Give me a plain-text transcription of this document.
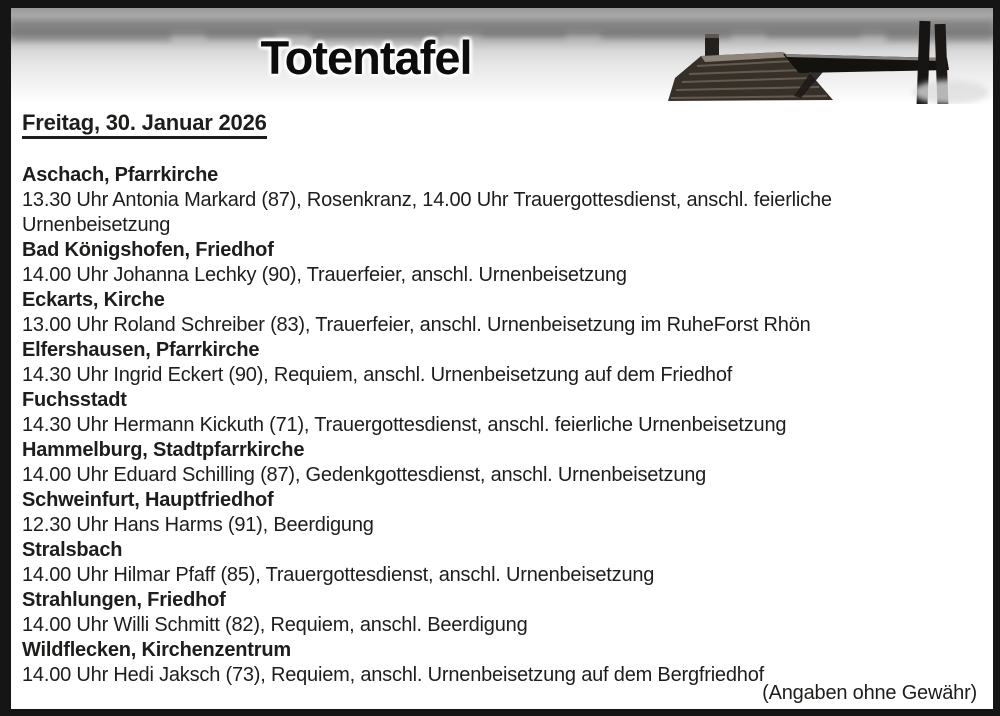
Totentafel
Freitag, 30. Januar 2026
Aschach, Pfarrkirche
13.30 Uhr Antonia Markard (87), Rosenkranz, 14.00 Uhr Trauergottesdienst, anschl. feierliche Urnenbeisetzung
Bad Königshofen, Friedhof
14.00 Uhr Johanna Lechky (90), Trauerfeier, anschl. Urnenbeisetzung
Eckarts, Kirche
13.00 Uhr Roland Schreiber (83), Trauerfeier, anschl. Urnenbeisetzung im RuheForst Rhön
Elfershausen, Pfarrkirche
14.30 Uhr Ingrid Eckert (90), Requiem, anschl. Urnenbeisetzung auf dem Friedhof
Fuchsstadt
14.30 Uhr Hermann Kickuth (71), Trauergottesdienst, anschl. feierliche Urnenbeisetzung
Hammelburg, Stadtpfarrkirche
14.00 Uhr Eduard Schilling (87), Gedenkgottesdienst, anschl. Urnenbeisetzung
Schweinfurt, Hauptfriedhof
12.30 Uhr Hans Harms (91), Beerdigung
Stralsbach
14.00 Uhr Hilmar Pfaff (85), Trauergottesdienst, anschl. Urnenbeisetzung
Strahlungen, Friedhof
14.00 Uhr Willi Schmitt (82), Requiem, anschl. Beerdigung
Wildflecken, Kirchenzentrum
14.00 Uhr Hedi Jaksch (73), Requiem, anschl. Urnenbeisetzung auf dem Bergfriedhof
(Angaben ohne Gewähr)
